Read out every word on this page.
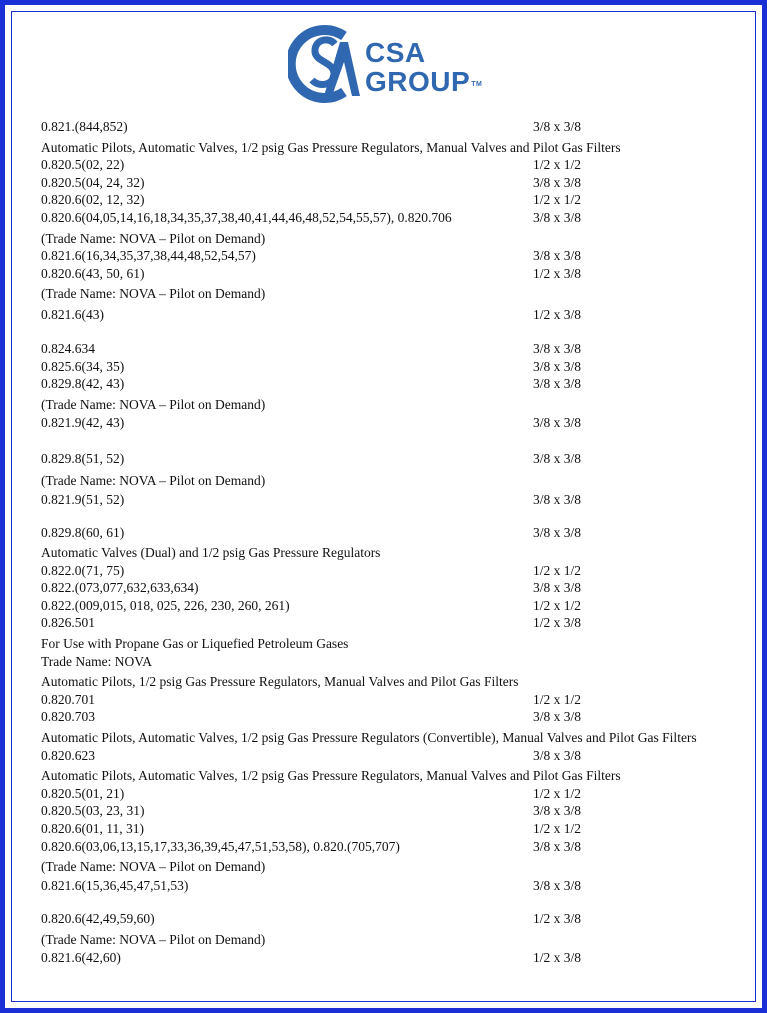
CSA
GROUP™
0.821.(844,852)	3/8 x 3/8
Automatic Pilots, Automatic Valves, 1/2 psig Gas Pressure Regulators, Manual Valves and Pilot Gas Filters
0.820.5(02, 22)	1/2 x 1/2
0.820.5(04, 24, 32)	3/8 x 3/8
0.820.6(02, 12, 32)	1/2 x 1/2
0.820.6(04,05,14,16,18,34,35,37,38,40,41,44,46,48,52,54,55,57), 0.820.706	3/8 x 3/8
(Trade Name: NOVA – Pilot on Demand)
0.821.6(16,34,35,37,38,44,48,52,54,57)	3/8 x 3/8
0.820.6(43, 50, 61)	1/2 x 3/8
(Trade Name: NOVA – Pilot on Demand)
0.821.6(43)	1/2 x 3/8
0.824.634	3/8 x 3/8
0.825.6(34, 35)	3/8 x 3/8
0.829.8(42, 43)	3/8 x 3/8
(Trade Name: NOVA – Pilot on Demand)
0.821.9(42, 43)	3/8 x 3/8
0.829.8(51, 52)	3/8 x 3/8
(Trade Name: NOVA – Pilot on Demand)
0.821.9(51, 52)	3/8 x 3/8
0.829.8(60, 61)	3/8 x 3/8
Automatic Valves (Dual) and 1/2 psig Gas Pressure Regulators
0.822.0(71, 75)	1/2 x 1/2
0.822.(073,077,632,633,634)	3/8 x 3/8
0.822.(009,015, 018, 025, 226, 230, 260, 261)	1/2 x 1/2
0.826.501	1/2 x 3/8
For Use with Propane Gas or Liquefied Petroleum Gases
Trade Name: NOVA
Automatic Pilots, 1/2 psig Gas Pressure Regulators, Manual Valves and Pilot Gas Filters
0.820.701	1/2 x 1/2
0.820.703	3/8 x 3/8
Automatic Pilots, Automatic Valves, 1/2 psig Gas Pressure Regulators (Convertible), Manual Valves and Pilot Gas Filters
0.820.623	3/8 x 3/8
Automatic Pilots, Automatic Valves, 1/2 psig Gas Pressure Regulators, Manual Valves and Pilot Gas Filters
0.820.5(01, 21)	1/2 x 1/2
0.820.5(03, 23, 31)	3/8 x 3/8
0.820.6(01, 11, 31)	1/2 x 1/2
0.820.6(03,06,13,15,17,33,36,39,45,47,51,53,58), 0.820.(705,707)	3/8 x 3/8
(Trade Name: NOVA – Pilot on Demand)
0.821.6(15,36,45,47,51,53)	3/8 x 3/8
0.820.6(42,49,59,60)	1/2 x 3/8
(Trade Name: NOVA – Pilot on Demand)
0.821.6(42,60)	1/2 x 3/8
